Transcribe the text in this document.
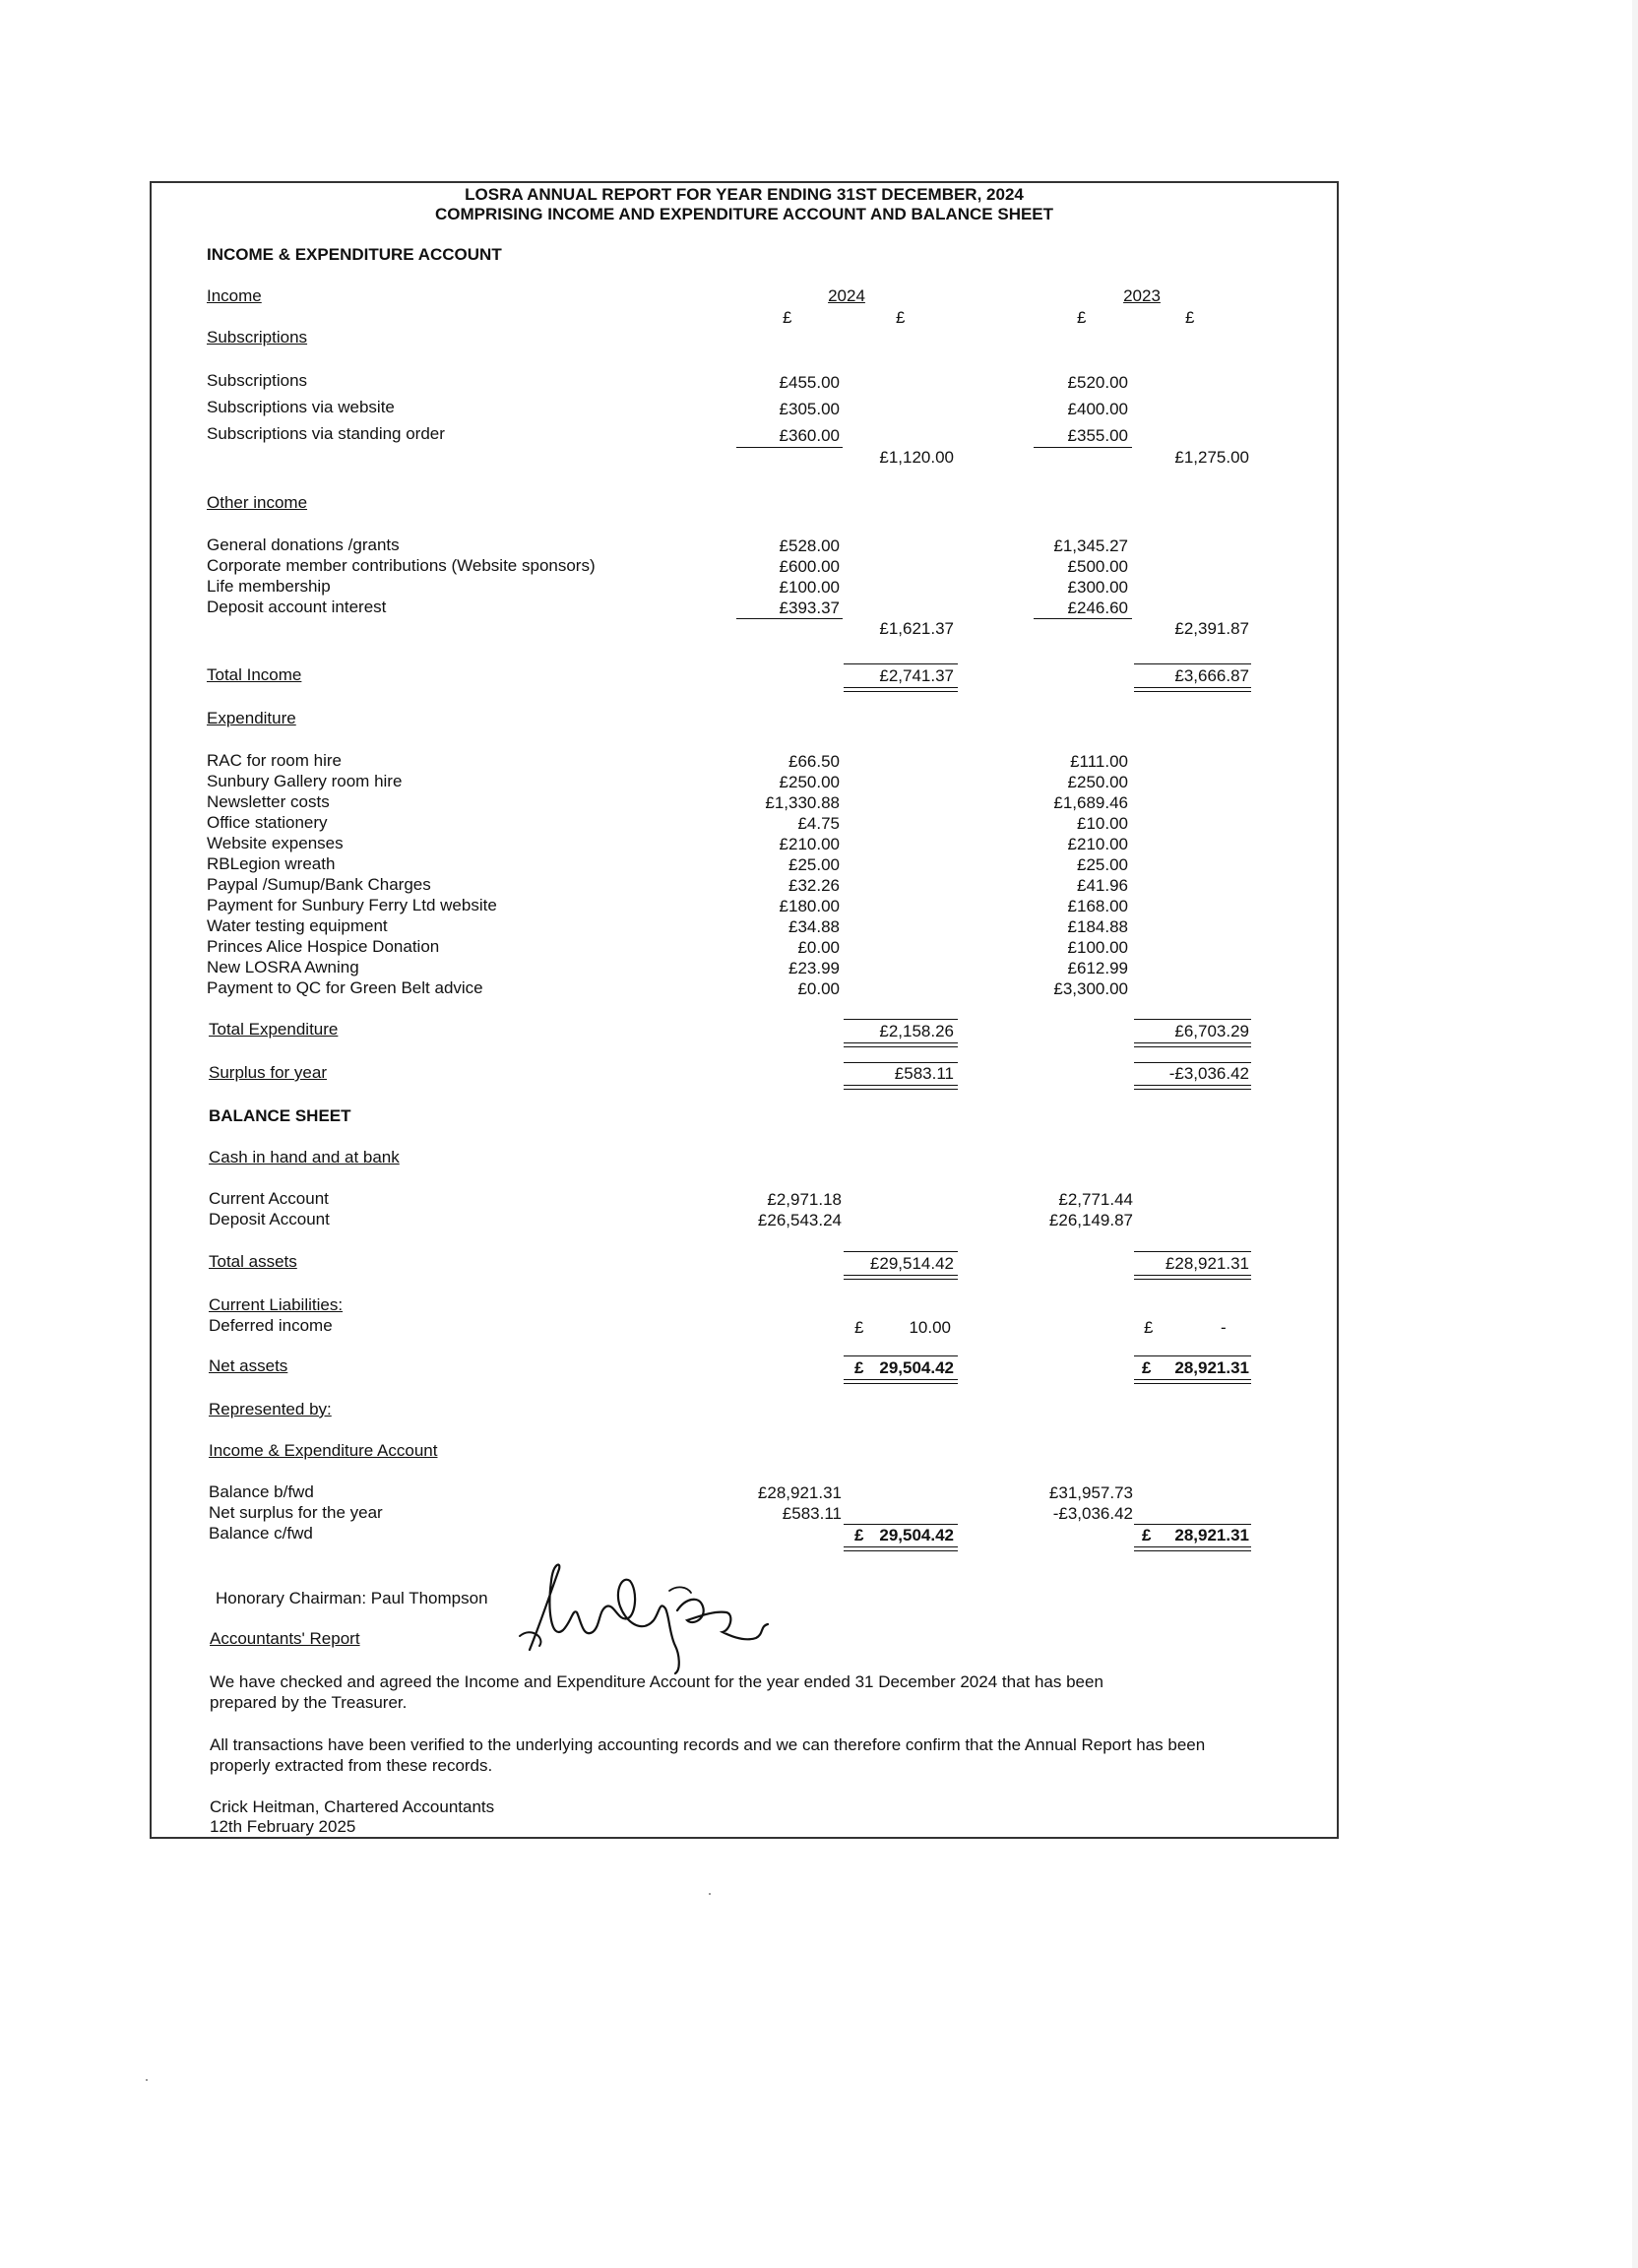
LOSRA ANNUAL REPORT FOR YEAR ENDING 31ST DECEMBER, 2024
COMPRISING INCOME AND EXPENDITURE ACCOUNT AND BALANCE SHEET
INCOME & EXPENDITURE ACCOUNT
Income	2024	2023
£	£	£	£
Subscriptions
Subscriptions	£455.00	£520.00
Subscriptions via website	£305.00	£400.00
Subscriptions via standing order	£360.00	£355.00
£1,120.00	£1,275.00
Other income
General donations /grants	£528.00	£1,345.27
Corporate member contributions (Website sponsors)	£600.00	£500.00
Life membership	£100.00	£300.00
Deposit account interest	£393.37	£246.60
£1,621.37	£2,391.87
Total Income	£2,741.37	£3,666.87
Expenditure
RAC for room hire	£66.50	£111.00
Sunbury Gallery room hire	£250.00	£250.00
Newsletter costs	£1,330.88	£1,689.46
Office stationery	£4.75	£10.00
Website expenses	£210.00	£210.00
RBLegion wreath	£25.00	£25.00
Paypal /Sumup/Bank Charges	£32.26	£41.96
Payment for Sunbury Ferry Ltd website	£180.00	£168.00
Water testing equipment	£34.88	£184.88
Princes Alice Hospice Donation	£0.00	£100.00
New LOSRA Awning	£23.99	£612.99
Payment to QC for Green Belt advice	£0.00	£3,300.00
Total Expenditure	£2,158.26	£6,703.29
Surplus for year	£583.11	-£3,036.42
BALANCE SHEET
Cash in hand and at bank
Current Account	£2,971.18	£2,771.44
Deposit Account	£26,543.24	£26,149.87
Total assets	£29,514.42	£28,921.31
Current Liabilities:
Deferred income	£	10.00	£	-
Net assets	£ 29,504.42	£	28,921.31
Represented by:
Income & Expenditure Account
Balance b/fwd	£28,921.31	£31,957.73
Net surplus for the year	£583.11	-£3,036.42
Balance c/fwd	£ 29,504.42	£	28,921.31
Honorary Chairman: Paul Thompson
Accountants' Report
We have checked and agreed the Income and Expenditure Account for the year ended 31 December 2024 that has been
prepared by the Treasurer.
All transactions have been verified to the underlying accounting records and we can therefore confirm that the Annual Report has been
properly extracted from these records.
Crick Heitman, Chartered Accountants
12th February 2025
